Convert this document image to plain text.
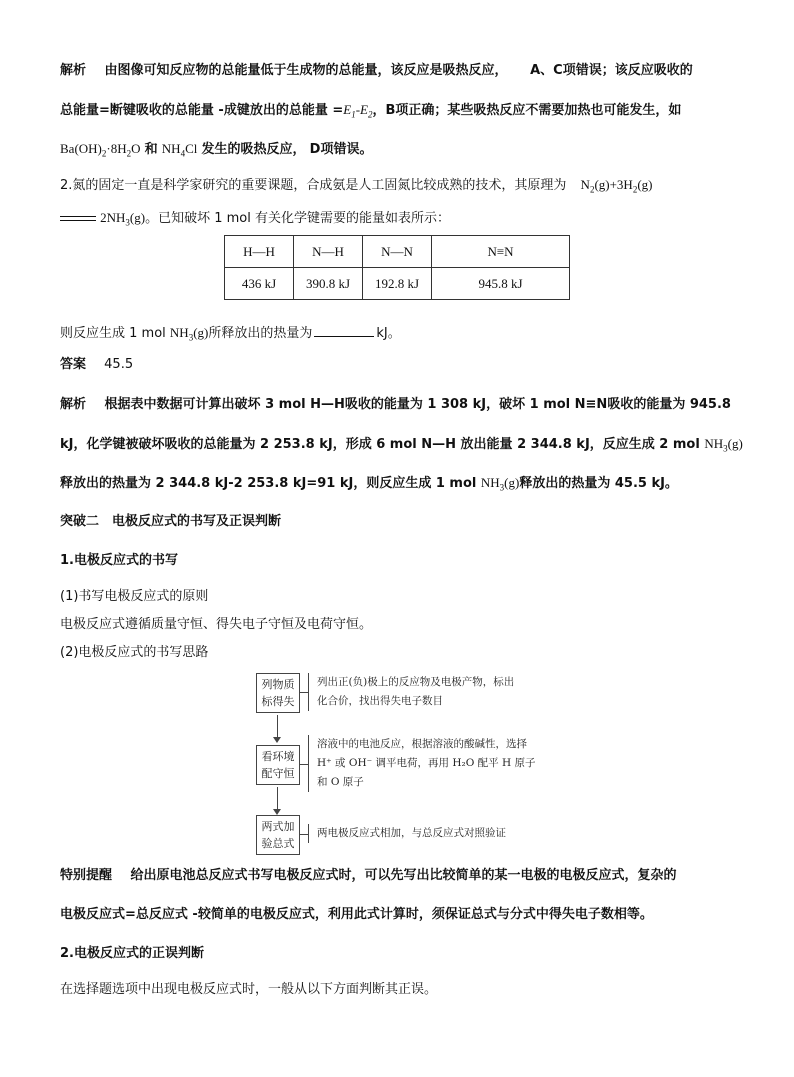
解析 由图像可知反应物的总能量低于生成物的总能量，该反应是吸热反应， A、C项错误；该反应吸收的
总能量=断键吸收的总能量 -成键放出的总能量 $=E_1-E_2$，B项正确；某些吸热反应不需要加热也可能发生，如
$Ba(OH)_2\cdot 8H_2O$ 和 $NH_4Cl$ 发生的吸热反应， D项错误。
2.氮的固定一直是科学家研究的重要课题，合成氨是人工固氮比较成熟的技术，其原理为 $N_2(g)+3H_2(g)$
$2NH_3(g)$。已知破坏 1 mol 有关化学键需要的能量如表所示：
H—H	N—H	N—N	N≡N
436 kJ	390.8 kJ	192.8 kJ	945.8 kJ
则反应生成 1 mol $NH_3(g)$所释放出的热量为	kJ。
答案 45.5
解析 根据表中数据可计算出破坏 3 mol H—H吸收的能量为 1 308 kJ，破坏 1 mol N≡N吸收的能量为 945.8
kJ，化学键被破坏吸收的总能量为 2 253.8 kJ，形成 6 mol N—H 放出能量 2 344.8 kJ，反应生成 2 mol $NH_3(g)$
释放出的热量为 2 344.8 kJ-2 253.8 kJ=91 kJ，则反应生成 1 mol $NH_3(g)$释放出的热量为 45.5 kJ。
突破二　电极反应式的书写及正误判断
1.电极反应式的书写
(1)书写电极反应式的原则
电极反应式遵循质量守恒、得失电子守恒及电荷守恒。
(2)电极反应式的书写思路
列物质
标得失
列出正(负)极上的反应物及电极产物，标出
化合价，找出得失电子数目
看环境
配守恒
溶液中的电池反应，根据溶液的酸碱性，选择
H⁺ 或 OH⁻ 调平电荷，再用 H₂O 配平 H 原子
和 O 原子
两式加
验总式
两电极反应式相加，与总反应式对照验证
特别提醒 给出原电池总反应式书写电极反应式时，可以先写出比较简单的某一电极的电极反应式，复杂的
电极反应式=总反应式 -较简单的电极反应式，利用此式计算时，须保证总式与分式中得失电子数相等。
2.电极反应式的正误判断
在选择题选项中出现电极反应式时，一般从以下方面判断其正误。
